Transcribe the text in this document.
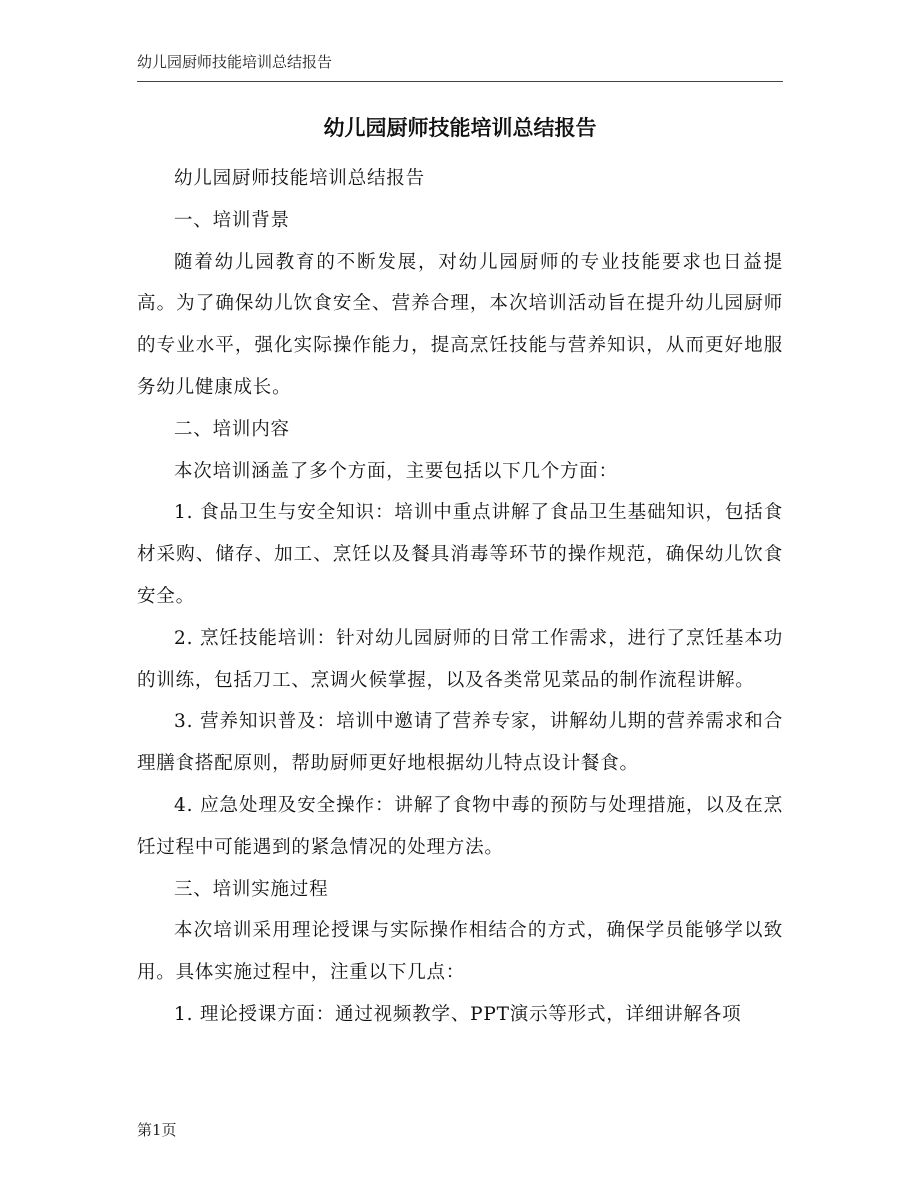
幼儿园厨师技能培训总结报告
幼儿园厨师技能培训总结报告

幼儿园厨师技能培训总结报告

一、培训背景

随着幼儿园教育的不断发展，对幼儿园厨师的专业技能要求也日益提高。为了确保幼儿饮食安全、营养合理，本次培训活动旨在提升幼儿园厨师的专业水平，强化实际操作能力，提高烹饪技能与营养知识，从而更好地服务幼儿健康成长。

二、培训内容

本次培训涵盖了多个方面，主要包括以下几个方面：

1. 食品卫生与安全知识：培训中重点讲解了食品卫生基础知识，包括食材采购、储存、加工、烹饪以及餐具消毒等环节的操作规范，确保幼儿饮食安全。

2. 烹饪技能培训：针对幼儿园厨师的日常工作需求，进行了烹饪基本功的训练，包括刀工、烹调火候掌握，以及各类常见菜品的制作流程讲解。

3. 营养知识普及：培训中邀请了营养专家，讲解幼儿期的营养需求和合理膳食搭配原则，帮助厨师更好地根据幼儿特点设计餐食。

4. 应急处理及安全操作：讲解了食物中毒的预防与处理措施，以及在烹饪过程中可能遇到的紧急情况的处理方法。

三、培训实施过程

本次培训采用理论授课与实际操作相结合的方式，确保学员能够学以致用。具体实施过程中，注重以下几点：

1. 理论授课方面：通过视频教学、PPT演示等形式，详细讲解各项

第1页
